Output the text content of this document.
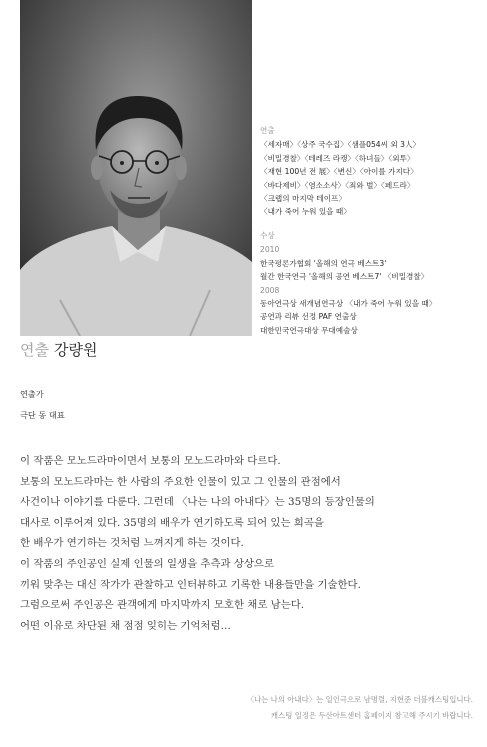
연출
〈세자매〉〈상주 국수집〉〈샘플054씨 외 3人〉
〈비밀경찰〉〈테레즈 라캥〉〈하녀들〉〈외투〉
〈재현 100년 전 展〉〈변신〉〈아이를 가지다〉
〈바다제비〉〈염소소사〉〈죄와 벌〉〈페드라〉
〈크랩의 마지막 테이프〉
〈내가 죽어 누워 있을 때〉
수상
2010
한국평론가협회 '올해의 연극 베스트3'
월간 한국연극 '올해의 공연 베스트7' 〈비밀경찰〉
2008
동아연극상 새개념연극상 〈내가 죽어 누워 있을 때〉
공연과 리뷰 선정 PAF 연출상
대한민국연극대상 무대예술상
연출 강량원
연출가
극단 동 대표
이 작품은 모노드라마이면서 보통의 모노드라마와 다르다.
보통의 모노드라마는 한 사람의 주요한 인물이 있고 그 인물의 관점에서
사건이나 이야기를 다룬다. 그런데 〈나는 나의 아내다〉는 35명의 등장인물의
대사로 이루어져 있다. 35명의 배우가 연기하도록 되어 있는 희곡을
한 배우가 연기하는 것처럼 느껴지게 하는 것이다.
이 작품의 주인공인 실제 인물의 일생을 추측과 상상으로
끼워 맞추는 대신 작가가 관찰하고 인터뷰하고 기록한 내용들만을 기술한다.
그럼으로써 주인공은 관객에게 마지막까지 모호한 채로 남는다.
어떤 이유로 차단된 채 점점 잊히는 기억처럼…
〈나는 나의 아내다〉는 일인극으로 남명렬, 지현준 더블캐스팅입니다.
캐스팅 일정은 두산아트센터 홈페이지 참고해 주시기 바랍니다.
